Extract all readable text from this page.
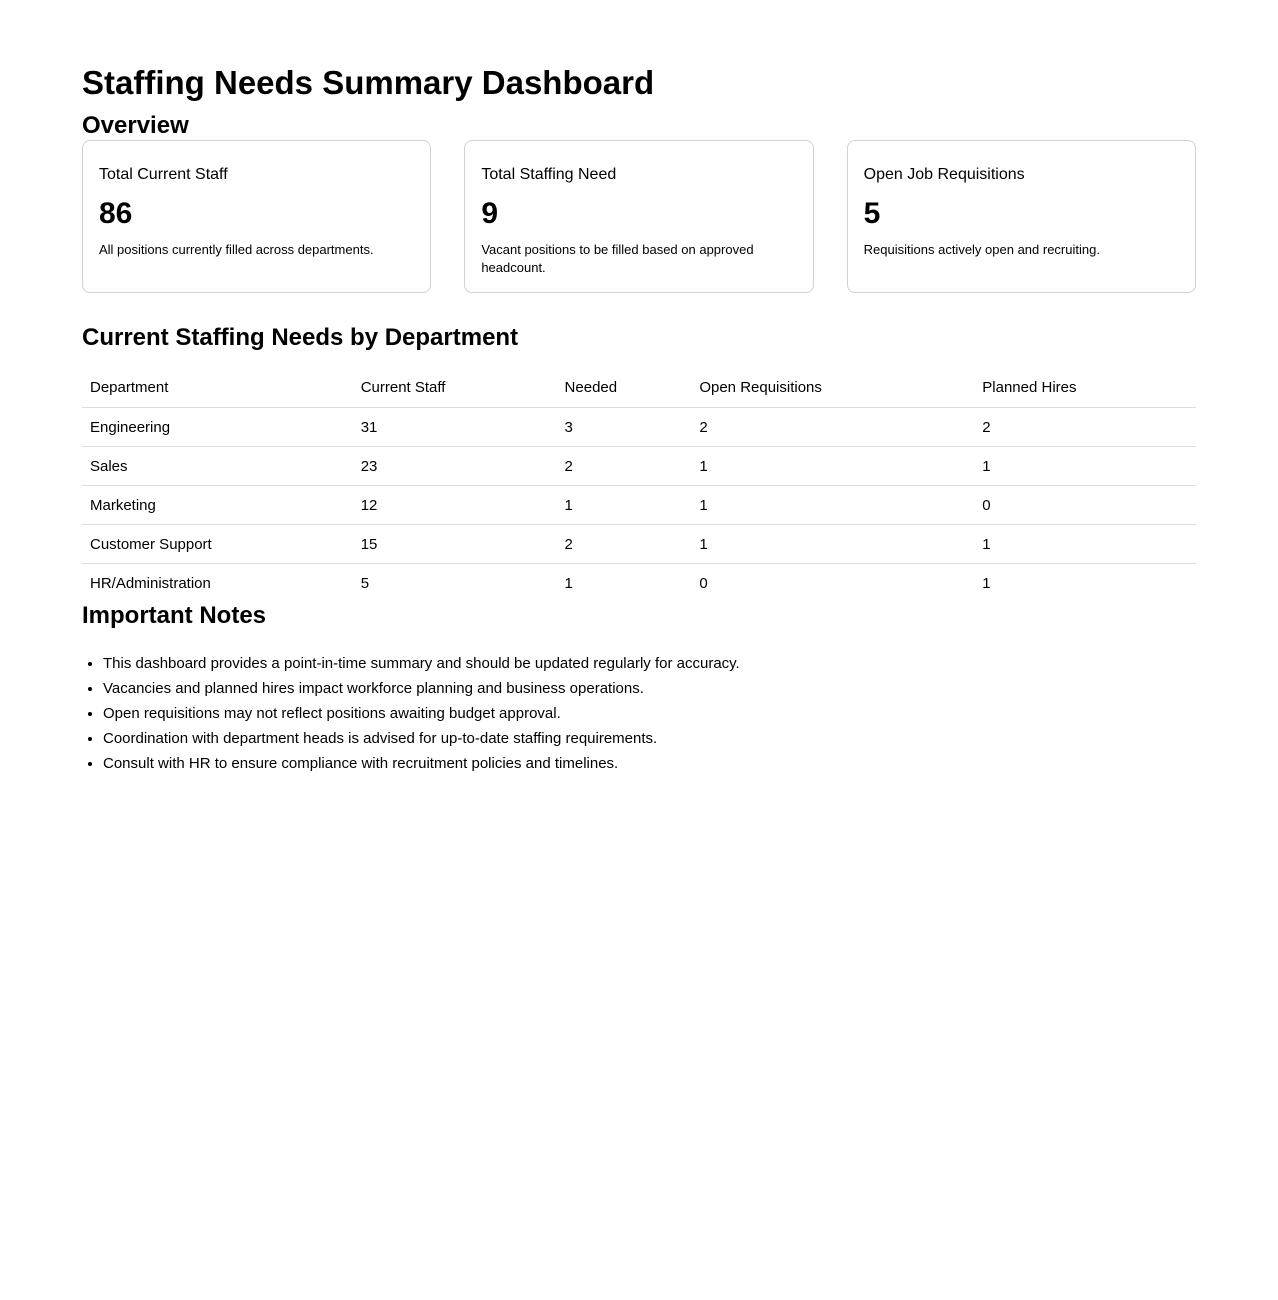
Staffing Needs Summary Dashboard
Overview

Total Current Staff

86

All positions currently filled across departments.

Total Staffing Need

9

Vacant positions to be filled based on approved headcount.

Open Job Requisitions

5

Requisitions actively open and recruiting.

Current Staffing Needs by Department
Department	Current Staff	Needed	Open Requisitions	Planned Hires
Engineering	31	3	2	2
Sales	23	2	1	1
Marketing	12	1	1	0
Customer Support	15	2	1	1
HR/Administration	5	1	0	1
Important Notes
• This dashboard provides a point-in-time summary and should be updated regularly for accuracy.
• Vacancies and planned hires impact workforce planning and business operations.
• Open requisitions may not reflect positions awaiting budget approval.
• Coordination with department heads is advised for up-to-date staffing requirements.
• Consult with HR to ensure compliance with recruitment policies and timelines.
